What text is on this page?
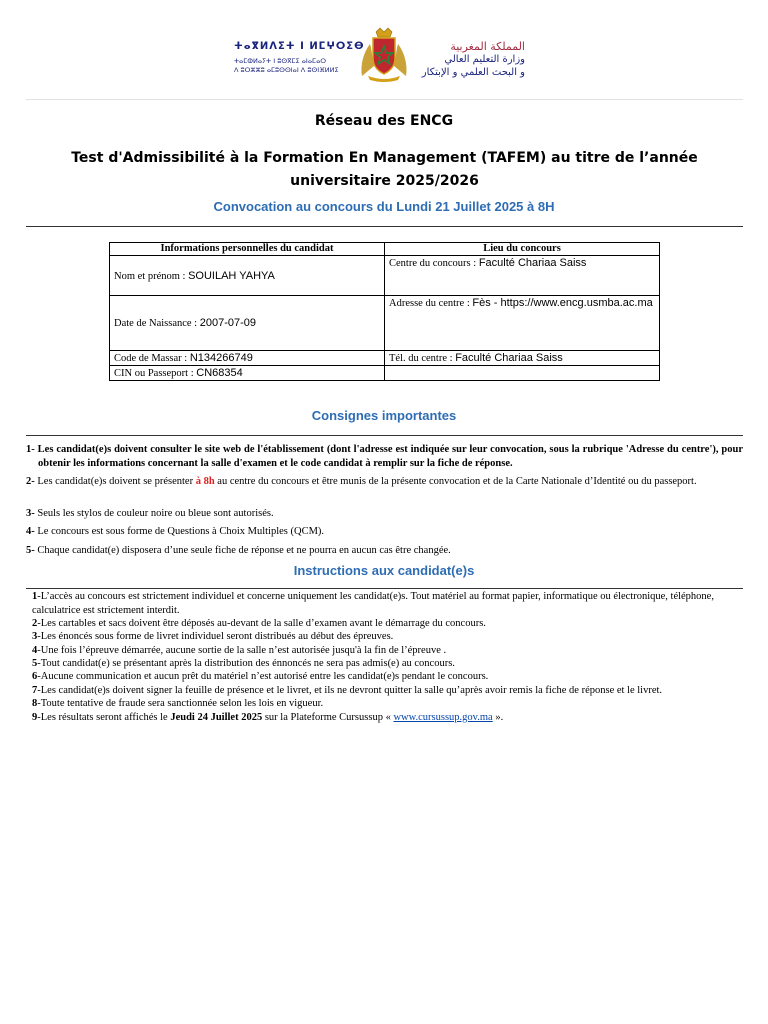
ⵜⴰⴳⵍⴷⵉⵜ ⵏ ⵍⵎⵖⵔⵉⴱ
ⵜⴰⵎⵀⵍⴰⵢⵜ ⵏ ⵓⵙⴳⵎⵉ ⴰⵏⴰⵎⴰⵔ
ⴷ ⵓⵔⵣⵣⵓ ⴰⵎⵓⵙⵙⵏⴰⵏ ⴷ ⵓⵙⵏⴼⵍⵍⵉ
المملكة المغربية
وزارة التعليم العالي
و البحث العلمي و الإبتكار
Réseau des ENCG
Test d'Admissibilité à la Formation En Management (TAFEM) au titre de l’année universitaire 2025/2026
Convocation au concours du Lundi 21 Juillet 2025 à 8H
Informations personnelles du candidat	Lieu du concours
Nom et prénom : SOUILAH YAHYA	Centre du concours : Faculté Chariaa Saiss
Date de Naissance : 2007-07-09	Adresse du centre : Fès - https://www.encg.usmba.ac.ma
Code de Massar : N134266749	Tél. du centre : Faculté Chariaa Saiss
CIN ou Passeport : CN68354	
Consignes importantes
1- Les candidat(e)s doivent consulter le site web de l'établissement (dont l'adresse est indiquée sur leur convocation, sous la rubrique 'Adresse du centre'), pour obtenir les informations concernant la salle d'examen et le code candidat à remplir sur la fiche de réponse.
2- Les candidat(e)s doivent se présenter à 8h au centre du concours et être munis de la présente convocation et de la Carte Nationale d’Identité ou du passeport.
3- Seuls les stylos de couleur noire ou bleue sont autorisés.
4- Le concours est sous forme de Questions à Choix Multiples (QCM).
5- Chaque candidat(e) disposera d’une seule fiche de réponse et ne pourra en aucun cas être changée.
Instructions aux candidat(e)s
1-L’accès au concours est strictement individuel et concerne uniquement les candidat(e)s. Tout matériel au format papier, informatique ou électronique, téléphone, calculatrice est strictement interdit.
2-Les cartables et sacs doivent être déposés au-devant de la salle d’examen avant le démarrage du concours.
3-Les énoncés sous forme de livret individuel seront distribués au début des épreuves.
4-Une fois l’épreuve démarrée, aucune sortie de la salle n’est autorisée jusqu'à la fin de l’épreuve .
5-Tout candidat(e) se présentant après la distribution des énnoncés ne sera pas admis(e) au concours.
6-Aucune communication et aucun prêt du matériel n’est autorisé entre les candidat(e)s pendant le concours.
7-Les candidat(e)s doivent signer la feuille de présence et le livret, et ils ne devront quitter la salle qu’après avoir remis la fiche de réponse et le livret.
8-Toute tentative de fraude sera sanctionnée selon les lois en vigueur.
9-Les résultats seront affichés le Jeudi 24 Juillet 2025 sur la Plateforme Cursussup « www.cursussup.gov.ma ».
